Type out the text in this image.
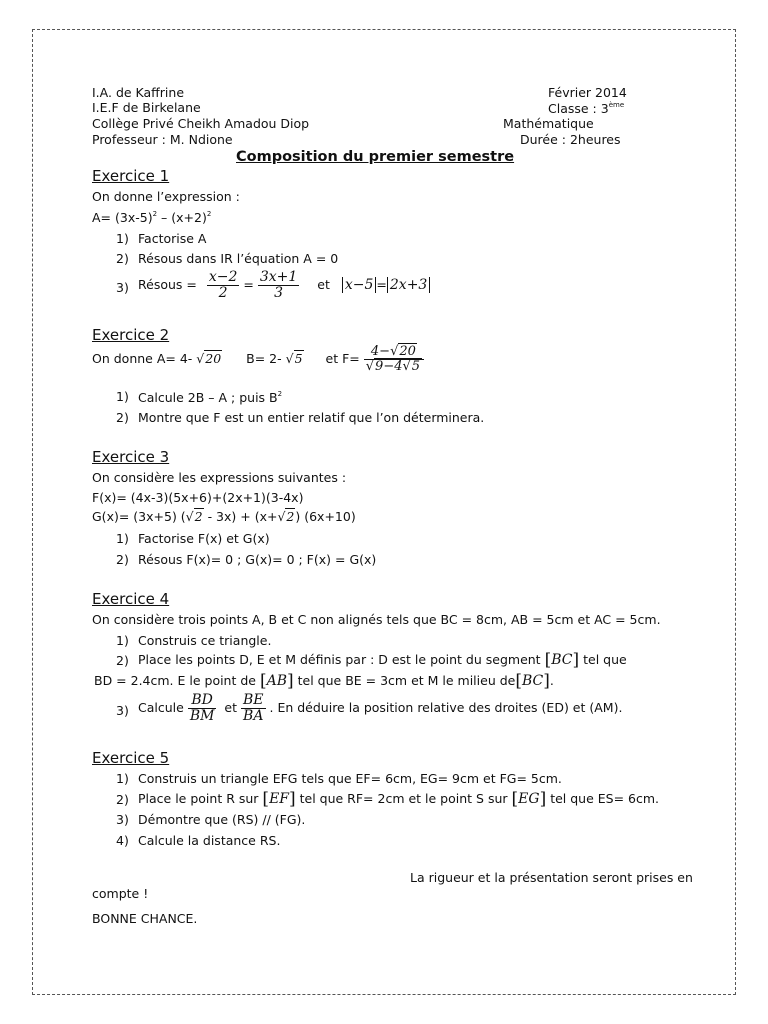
I.A. de Kaffrine
I.E.F de Birkelane
Collège Privé Cheikh Amadou Diop
Professeur : M. Ndione
Février 2014
Classe : 3ème
Mathématique
Durée : 2heures
Composition du premier semestre
Exercice 1
On donne l’expression :
$A= (3x-5)^2 - (x+2)^2$
1) Factorise A
2) Résous dans IR l’équation A = 0
3) Résous = $\frac{x-2}{2} = \frac{3x+1}{3}$ et x−5 = 2x+3
Exercice 2
On donne A= 4- √20 B= 2- √5 et $F= \frac{4-√20}{√9-4√5}$
1) Calcule 2B – A ; puis $B^2$
2) Montre que F est un entier relatif que l’on déterminera.
Exercice 3
On considère les expressions suivantes :
F(x)= (4x-3)(5x+6)+(2x+1)(3-4x)
G(x)= (3x+5) (√2 - 3x) + (x+√2) (6x+10)
1) Factorise F(x) et G(x)
2) Résous F(x)= 0 ; G(x)= 0 ; F(x) = G(x)
Exercice 4
On considère trois points A, B et C non alignés tels que BC = 8cm, AB = 5cm et AC = 5cm.
1) Construis ce triangle.
2) Place les points D, E et M définis par : D est le point du segment [BC] tel que
BD = 2.4cm. E le point de [AB] tel que BE = 3cm et M le milieu de[BC].
3) Calcule $\frac{BD}{BM}$ et $\frac{BE}{BA}$ . En déduire la position relative des droites (ED) et (AM).
Exercice 5
1) Construis un triangle EFG tels que EF= 6cm, EG= 9cm et FG= 5cm.
2) Place le point R sur [EF] tel que RF= 2cm et le point S sur [EG] tel que ES= 6cm.
3) Démontre que (RS) // (FG).
4) Calcule la distance RS.
La rigueur et la présentation seront prises en
compte !
BONNE CHANCE.
